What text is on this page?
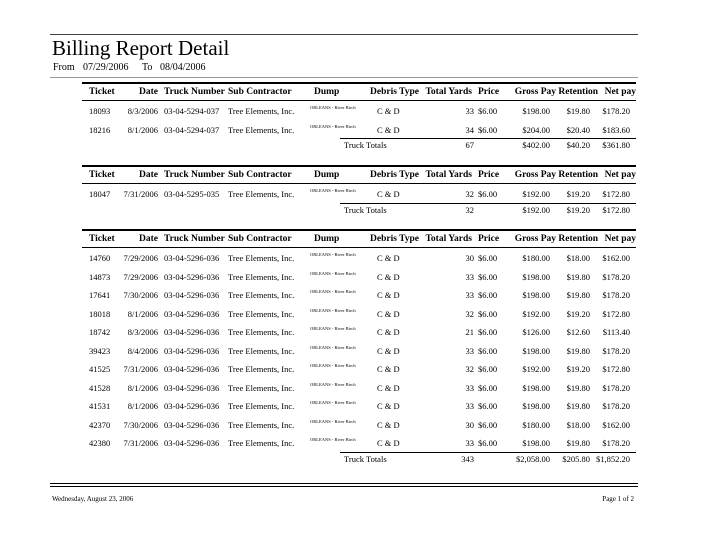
Billing Report Detail
From 07/29/2006 To 08/04/2006
Ticket	Date Truck Number Sub Contractor	Dump	Debris Type Total Yards Price	Gross Pay Retention Net pay
18093	8/3/2006 03-04-5294-037	Tree Elements, Inc.	ORLEANS - River Birch	C & D	33 $6.00	$198.00	$19.80	$178.20
18216	8/1/2006 03-04-5294-037	Tree Elements, Inc.	ORLEANS - River Birch	C & D	34 $6.00	$204.00	$20.40	$183.60
Truck Totals	67	$402.00	$40.20	$361.80
Ticket	Date Truck Number Sub Contractor	Dump	Debris Type Total Yards Price	Gross Pay Retention Net pay
18047	7/31/2006 03-04-5295-035	Tree Elements, Inc.	ORLEANS - River Birch	C & D	32 $6.00	$192.00	$19.20	$172.80
Truck Totals	32	$192.00	$19.20	$172.80
Ticket	Date Truck Number Sub Contractor	Dump	Debris Type Total Yards Price	Gross Pay Retention Net pay
14760	7/29/2006 03-04-5296-036	Tree Elements, Inc.	ORLEANS - River Birch	C & D	30 $6.00	$180.00	$18.00	$162.00
14873	7/29/2006 03-04-5296-036	Tree Elements, Inc.	ORLEANS - River Birch	C & D	33 $6.00	$198.00	$19.80	$178.20
17641	7/30/2006 03-04-5296-036	Tree Elements, Inc.	ORLEANS - River Birch	C & D	33 $6.00	$198.00	$19.80	$178.20
18018	8/1/2006 03-04-5296-036	Tree Elements, Inc.	ORLEANS - River Birch	C & D	32 $6.00	$192.00	$19.20	$172.80
18742	8/3/2006 03-04-5296-036	Tree Elements, Inc.	ORLEANS - River Birch	C & D	21 $6.00	$126.00	$12.60	$113.40
39423	8/4/2006 03-04-5296-036	Tree Elements, Inc.	ORLEANS - River Birch	C & D	33 $6.00	$198.00	$19.80	$178.20
41525	7/31/2006 03-04-5296-036	Tree Elements, Inc.	ORLEANS - River Birch	C & D	32 $6.00	$192.00	$19.20	$172.80
41528	8/1/2006 03-04-5296-036	Tree Elements, Inc.	ORLEANS - River Birch	C & D	33 $6.00	$198.00	$19.80	$178.20
41531	8/1/2006 03-04-5296-036	Tree Elements, Inc.	ORLEANS - River Birch	C & D	33 $6.00	$198.00	$19.80	$178.20
42370	7/30/2006 03-04-5296-036	Tree Elements, Inc.	ORLEANS - River Birch	C & D	30 $6.00	$180.00	$18.00	$162.00
42380	7/31/2006 03-04-5296-036	Tree Elements, Inc.	ORLEANS - River Birch	C & D	33 $6.00	$198.00	$19.80	$178.20
Truck Totals	343	$2,058.00	$205.80 $1,852.20
Wednesday, August 23, 2006	Page 1 of 2
